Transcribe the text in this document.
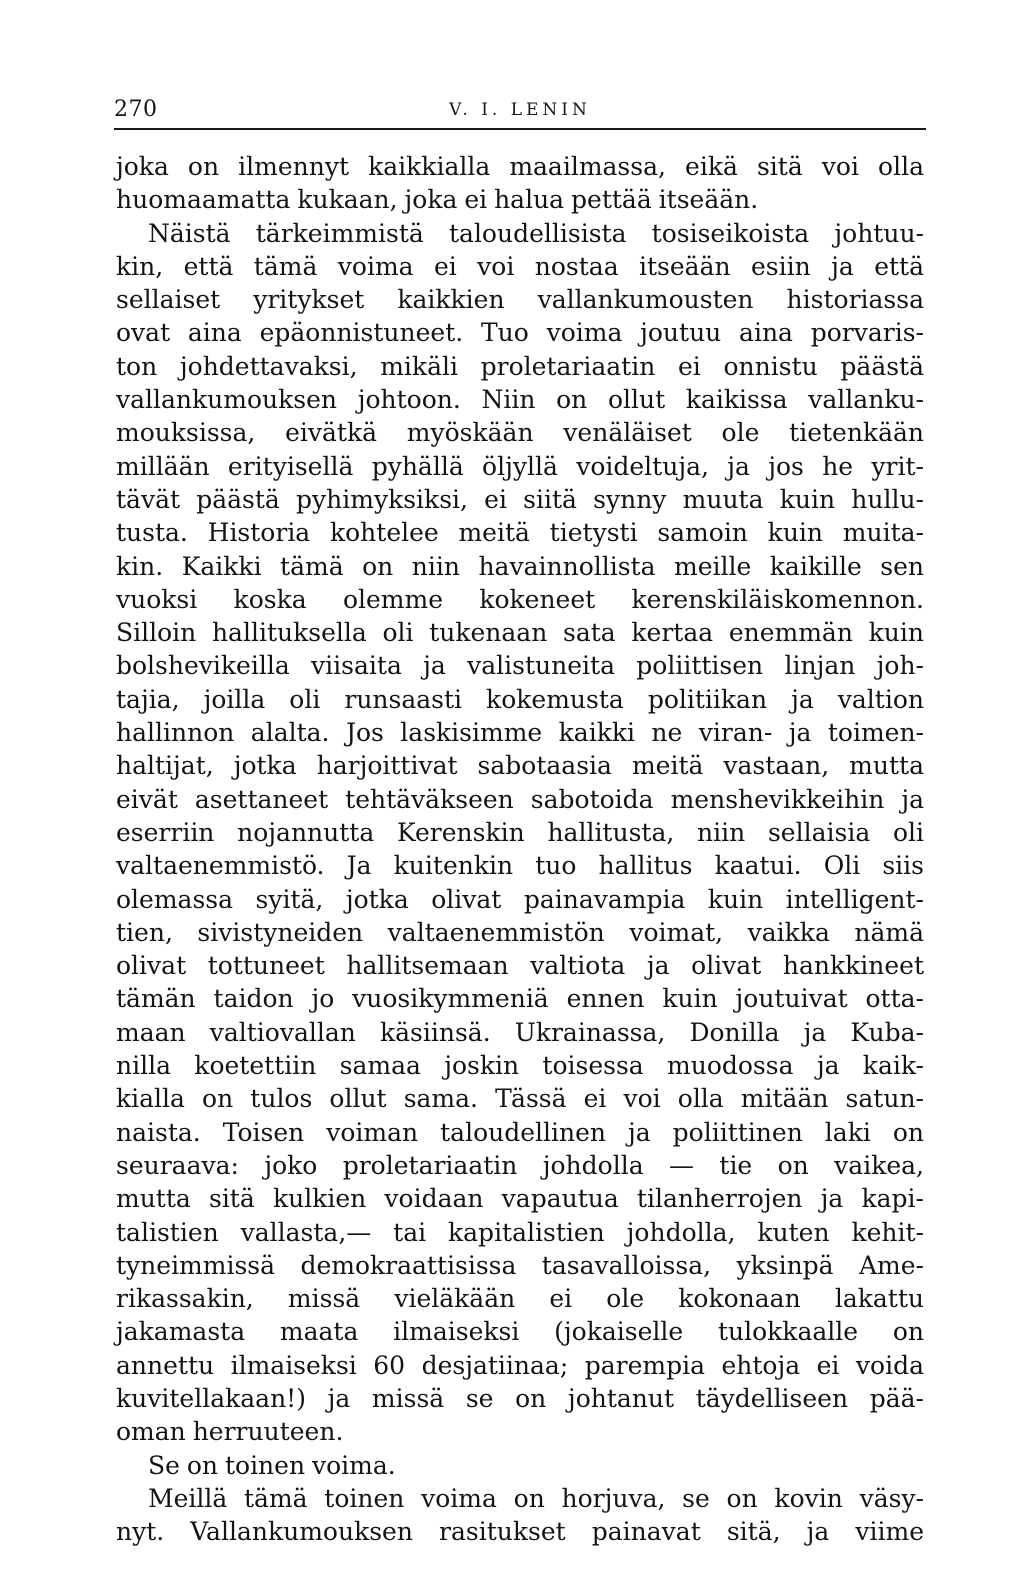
270	V. I. LENIN
joka on ilmennyt kaikkialla maailmassa, eikä sitä voi olla
huomaamatta kukaan, joka ei halua pettää itseään.
Näistä tärkeimmistä taloudellisista tosiseikoista johtuu-
kin, että tämä voima ei voi nostaa itseään esiin ja että
sellaiset yritykset kaikkien vallankumousten historiassa
ovat aina epäonnistuneet. Tuo voima joutuu aina porvaris-
ton johdettavaksi, mikäli proletariaatin ei onnistu päästä
vallankumouksen johtoon. Niin on ollut kaikissa vallanku-
mouksissa, eivätkä myöskään venäläiset ole tietenkään
millään erityisellä pyhällä öljyllä voideltuja, ja jos he yrit-
tävät päästä pyhimyksiksi, ei siitä synny muuta kuin hullu-
tusta. Historia kohtelee meitä tietysti samoin kuin muita-
kin. Kaikki tämä on niin havainnollista meille kaikille sen
vuoksi koska olemme kokeneet kerenskiläiskomennon.
Silloin hallituksella oli tukenaan sata kertaa enemmän kuin
bolshevikeilla viisaita ja valistuneita poliittisen linjan joh-
tajia, joilla oli runsaasti kokemusta politiikan ja valtion
hallinnon alalta. Jos laskisimme kaikki ne viran- ja toimen-
haltijat, jotka harjoittivat sabotaasia meitä vastaan, mutta
eivät asettaneet tehtäväkseen sabotoida menshevikkeihin ja
eserriin nojannutta Kerenskin hallitusta, niin sellaisia oli
valtaenemmistö. Ja kuitenkin tuo hallitus kaatui. Oli siis
olemassa syitä, jotka olivat painavampia kuin intelligent-
tien, sivistyneiden valtaenemmistön voimat, vaikka nämä
olivat tottuneet hallitsemaan valtiota ja olivat hankkineet
tämän taidon jo vuosikymmeniä ennen kuin joutuivat otta-
maan valtiovallan käsiinsä. Ukrainassa, Donilla ja Kuba-
nilla koetettiin samaa joskin toisessa muodossa ja kaik-
kialla on tulos ollut sama. Tässä ei voi olla mitään satun-
naista. Toisen voiman taloudellinen ja poliittinen laki on
seuraava: joko proletariaatin johdolla — tie on vaikea,
mutta sitä kulkien voidaan vapautua tilanherrojen ja kapi-
talistien vallasta,— tai kapitalistien johdolla, kuten kehit-
tyneimmissä demokraattisissa tasavalloissa, yksinpä Ame-
rikassakin, missä vieläkään ei ole kokonaan lakattu
jakamasta maata ilmaiseksi (jokaiselle tulokkaalle on
annettu ilmaiseksi 60 desjatiinaa; parempia ehtoja ei voida
kuvitellakaan!) ja missä se on johtanut täydelliseen pää-
oman herruuteen.
Se on toinen voima.
Meillä tämä toinen voima on horjuva, se on kovin väsy-
nyt. Vallankumouksen rasitukset painavat sitä, ja viime
